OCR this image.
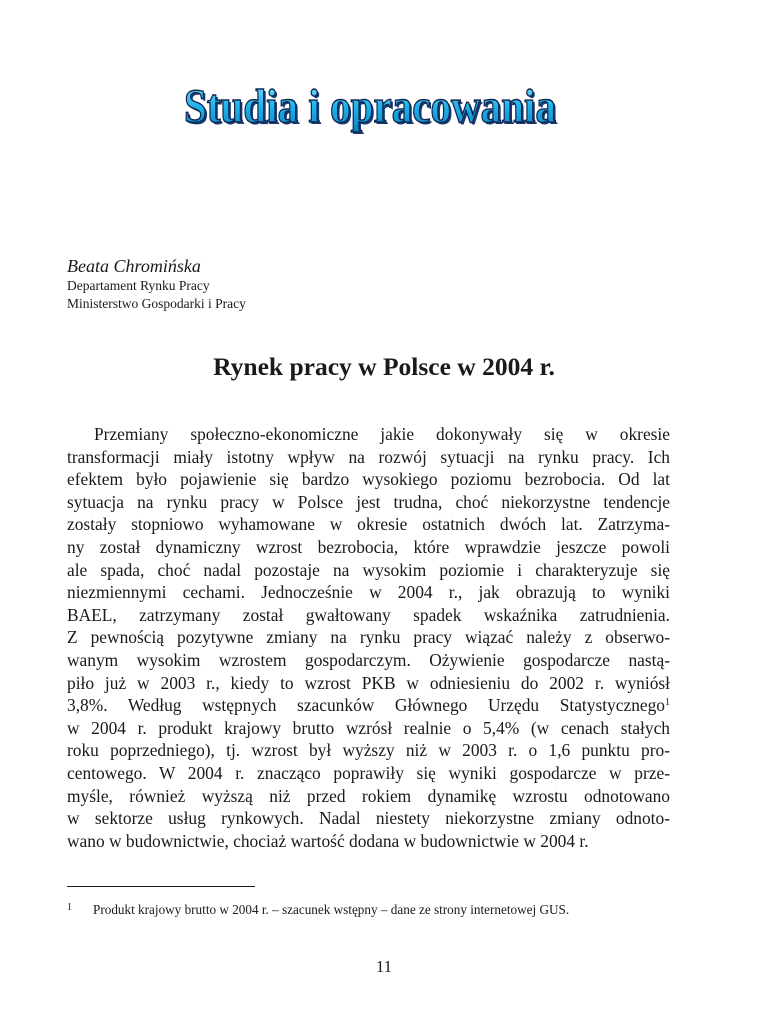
Studia i opracowania
Studia i opracowania

Beata Chromińska

Departament Rynku Pracy

Ministerstwo Gospodarki i Pracy

Rynek pracy w Polsce w 2004 r.
Przemiany społeczno-ekonomiczne jakie dokonywały się w okresie
transformacji miały istotny wpływ na rozwój sytuacji na rynku pracy. Ich
efektem było pojawienie się bardzo wysokiego poziomu bezrobocia. Od lat
sytuacja na rynku pracy w Polsce jest trudna, choć niekorzystne tendencje
zostały stopniowo wyhamowane w okresie ostatnich dwóch lat. Zatrzyma-
ny został dynamiczny wzrost bezrobocia, które wprawdzie jeszcze powoli
ale spada, choć nadal pozostaje na wysokim poziomie i charakteryzuje się
niezmiennymi cechami. Jednocześnie w 2004 r., jak obrazują to wyniki
BAEL, zatrzymany został gwałtowany spadek wskaźnika zatrudnienia.
Z pewnością pozytywne zmiany na rynku pracy wiązać należy z obserwo-
wanym wysokim wzrostem gospodarczym. Ożywienie gospodarcze nastą-
piło już w 2003 r., kiedy to wzrost PKB w odniesieniu do 2002 r. wyniósł
3,8%. Według wstępnych szacunków Głównego Urzędu Statystycznego$^1$
w 2004 r. produkt krajowy brutto wzrósł realnie o 5,4% (w cenach stałych
roku poprzedniego), tj. wzrost był wyższy niż w 2003 r. o 1,6 punktu pro-
centowego. W 2004 r. znacząco poprawiły się wyniki gospodarcze w prze-
myśle, również wyższą niż przed rokiem dynamikę wzrostu odnotowano
w sektorze usług rynkowych. Nadal niestety niekorzystne zmiany odnoto-
wano w budownictwie, chociaż wartość dodana w budownictwie w 2004 r.
1 Produkt krajowy brutto w 2004 r. – szacunek wstępny – dane ze strony internetowej GUS.
11
